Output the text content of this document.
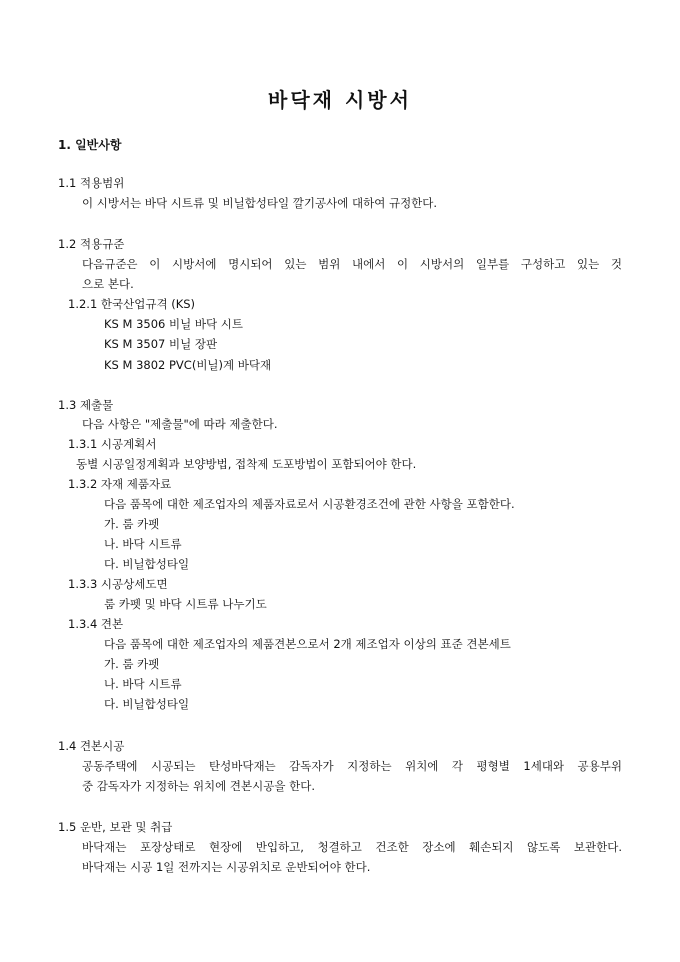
바닥재 시방서
1. 일반사항
1.1 적용범위
이 시방서는 바닥 시트류 및 비닐합성타일 깔기공사에 대하여 규정한다.
1.2 적용규준
다음규준은 이 시방서에 명시되어 있는 범위 내에서 이 시방서의 일부를 구성하고 있는 것
으로 본다.
1.2.1 한국산업규격 (KS)
KS M 3506 비닐 바닥 시트
KS M 3507 비닐 장판
KS M 3802 PVC(비닐)계 바닥재
1.3 제출물
다음 사항은 "제출물"에 따라 제출한다.
1.3.1 시공계획서
동별 시공일정계획과 보양방법, 접착제 도포방법이 포함되어야 한다.
1.3.2 자재 제품자료
다음 품목에 대한 제조업자의 제품자료로서 시공환경조건에 관한 사항을 포함한다.
가. 룸 카펫
나. 바닥 시트류
다. 비닐합성타일
1.3.3 시공상세도면
룸 카펫 및 바닥 시트류 나누기도
1.3.4 견본
다음 품목에 대한 제조업자의 제품견본으로서 2개 제조업자 이상의 표준 견본세트
가. 룸 카펫
나. 바닥 시트류
다. 비닐합성타일
1.4 견본시공
공동주택에 시공되는 탄성바닥재는 감독자가 지정하는 위치에 각 평형별 1세대와 공용부위
중 감독자가 지정하는 위치에 견본시공을 한다.
1.5 운반, 보관 및 취급
바닥재는 포장상태로 현장에 반입하고, 청결하고 건조한 장소에 훼손되지 않도록 보관한다.
바닥재는 시공 1일 전까지는 시공위치로 운반되어야 한다.
